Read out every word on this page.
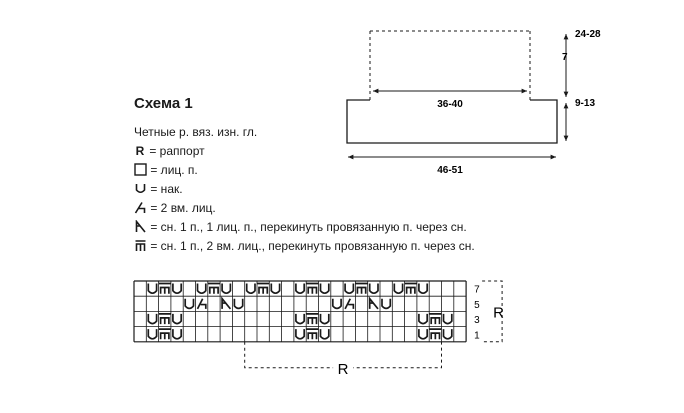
36-40
46-51
7
24-28
9-13
7
5
3
1
R
R
Схема 1
Четные р. вяз. изн. гл.
R = раппорт
= лиц. п.
= нак.
= 2 вм. лиц.
= сн. 1 п., 1 лиц. п., перекинуть провязанную п. через сн.
= сн. 1 п., 2 вм. лиц., перекинуть провязанную п. через сн.
